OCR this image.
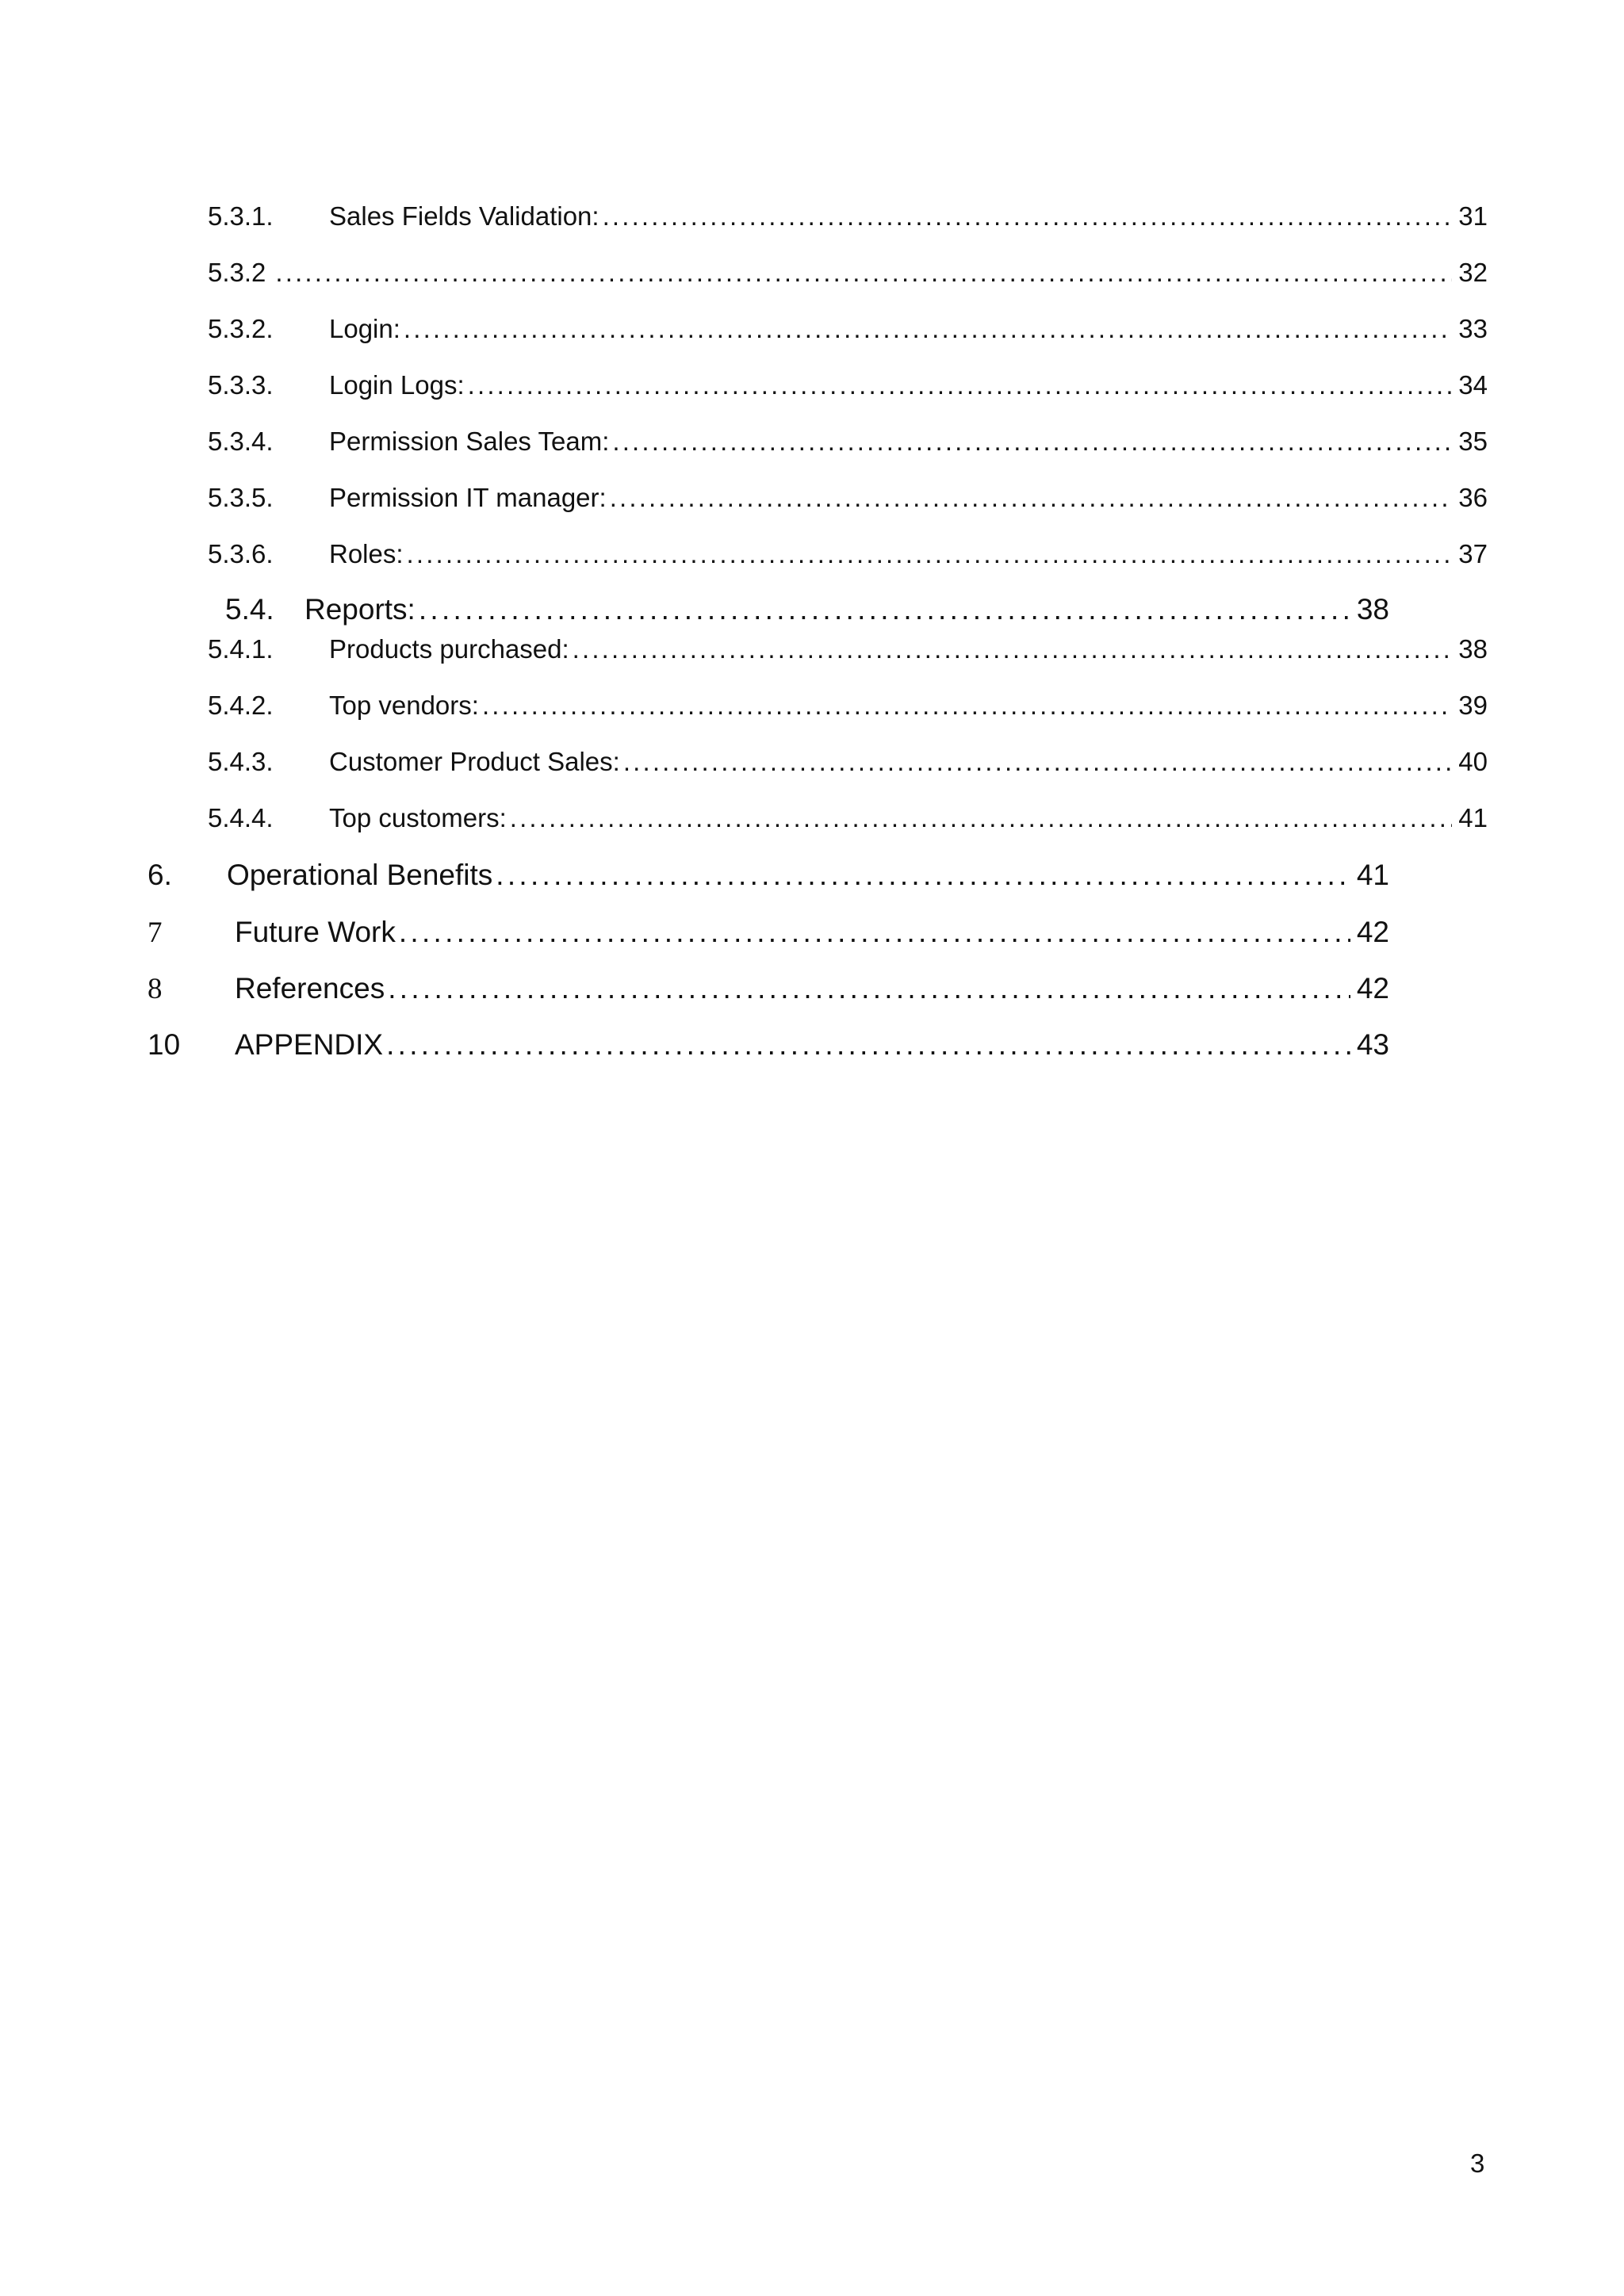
5.3.1.	Sales Fields Validation: . . .	31
5.3.2 . . .	32
5.3.2.	Login: . . .	33
5.3.3.	Login Logs: . . .	34
5.3.4.	Permission Sales Team: . . .	35
5.3.5.	Permission IT manager: . . .	36
5.3.6.	Roles: . . .	37
5.4.	Reports: . . .	38
5.4.1.	Products purchased: . . .	38
5.4.2.	Top vendors: . . .	39
5.4.3.	Customer Product Sales: . . .	40
5.4.4.	Top customers: . . .	41
6.	Operational Benefits . . .	41
7	Future Work . . .	42
8	References . . .	42
10	APPENDIX . . .	43
3
